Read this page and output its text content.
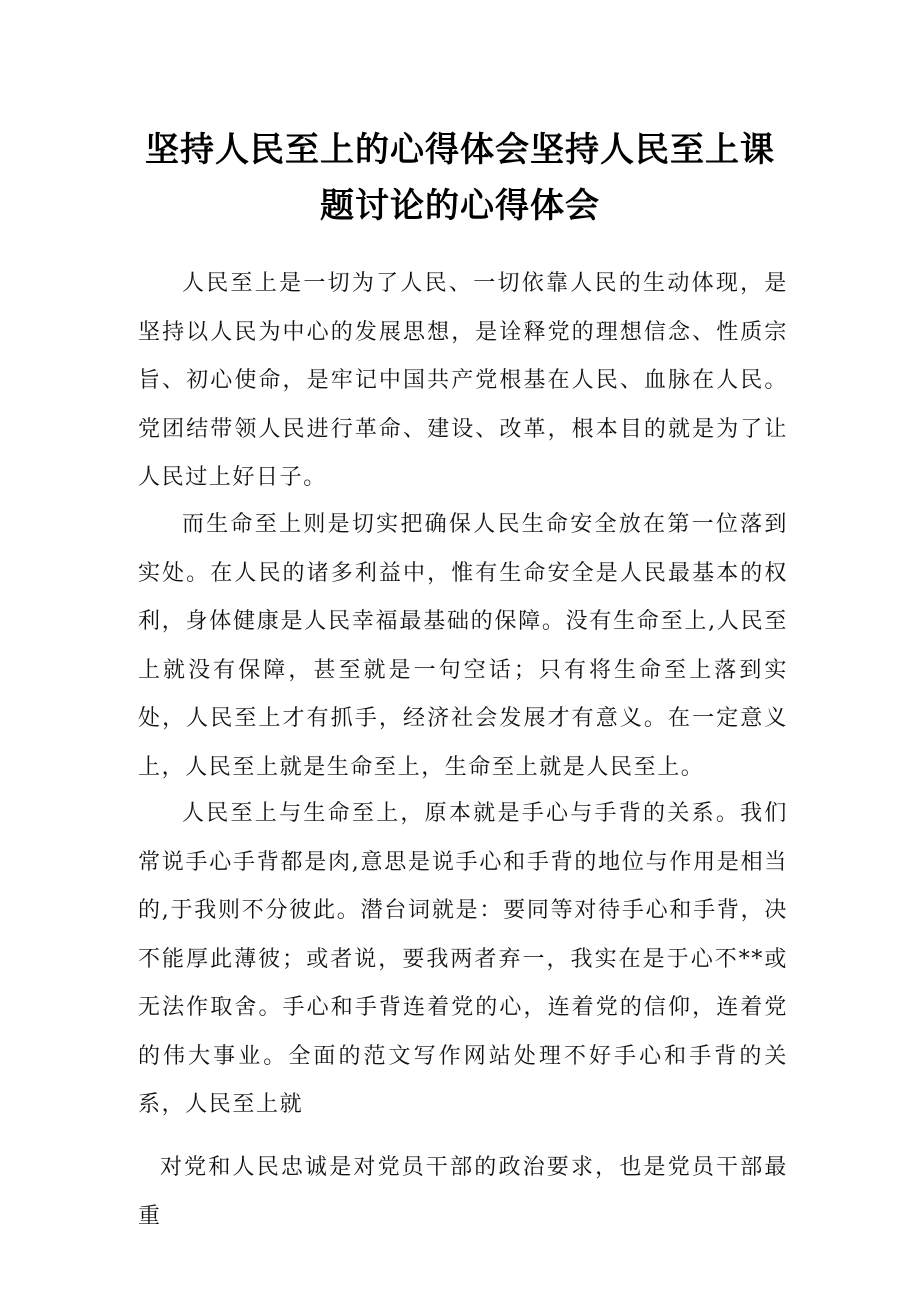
坚持人民至上的心得体会坚持人民至上课
题讨论的心得体会

人民至上是一切为了人民、一切依靠人民的生动体现，是坚持以人民为中心的发展思想，是诠释党的理想信念、性质宗旨、初心使命，是牢记中国共产党根基在人民、血脉在人民。党团结带领人民进行革命、建设、改革，根本目的就是为了让人民过上好日子。

而生命至上则是切实把确保人民生命安全放在第一位落到实处。在人民的诸多利益中，惟有生命安全是人民最基本的权利，身体健康是人民幸福最基础的保障。没有生命至上,人民至上就没有保障，甚至就是一句空话；只有将生命至上落到实处，人民至上才有抓手，经济社会发展才有意义。在一定意义上，人民至上就是生命至上，生命至上就是人民至上。

人民至上与生命至上，原本就是手心与手背的关系。我们常说手心手背都是肉,意思是说手心和手背的地位与作用是相当的,于我则不分彼此。潜台词就是：要同等对待手心和手背，决不能厚此薄彼；或者说，要我两者弃一，我实在是于心不**或无法作取舍。手心和手背连着党的心，连着党的信仰，连着党的伟大事业。全面的范文写作网站处理不好手心和手背的关系，人民至上就

对党和人民忠诚是对党员干部的政治要求，也是党员干部最重
